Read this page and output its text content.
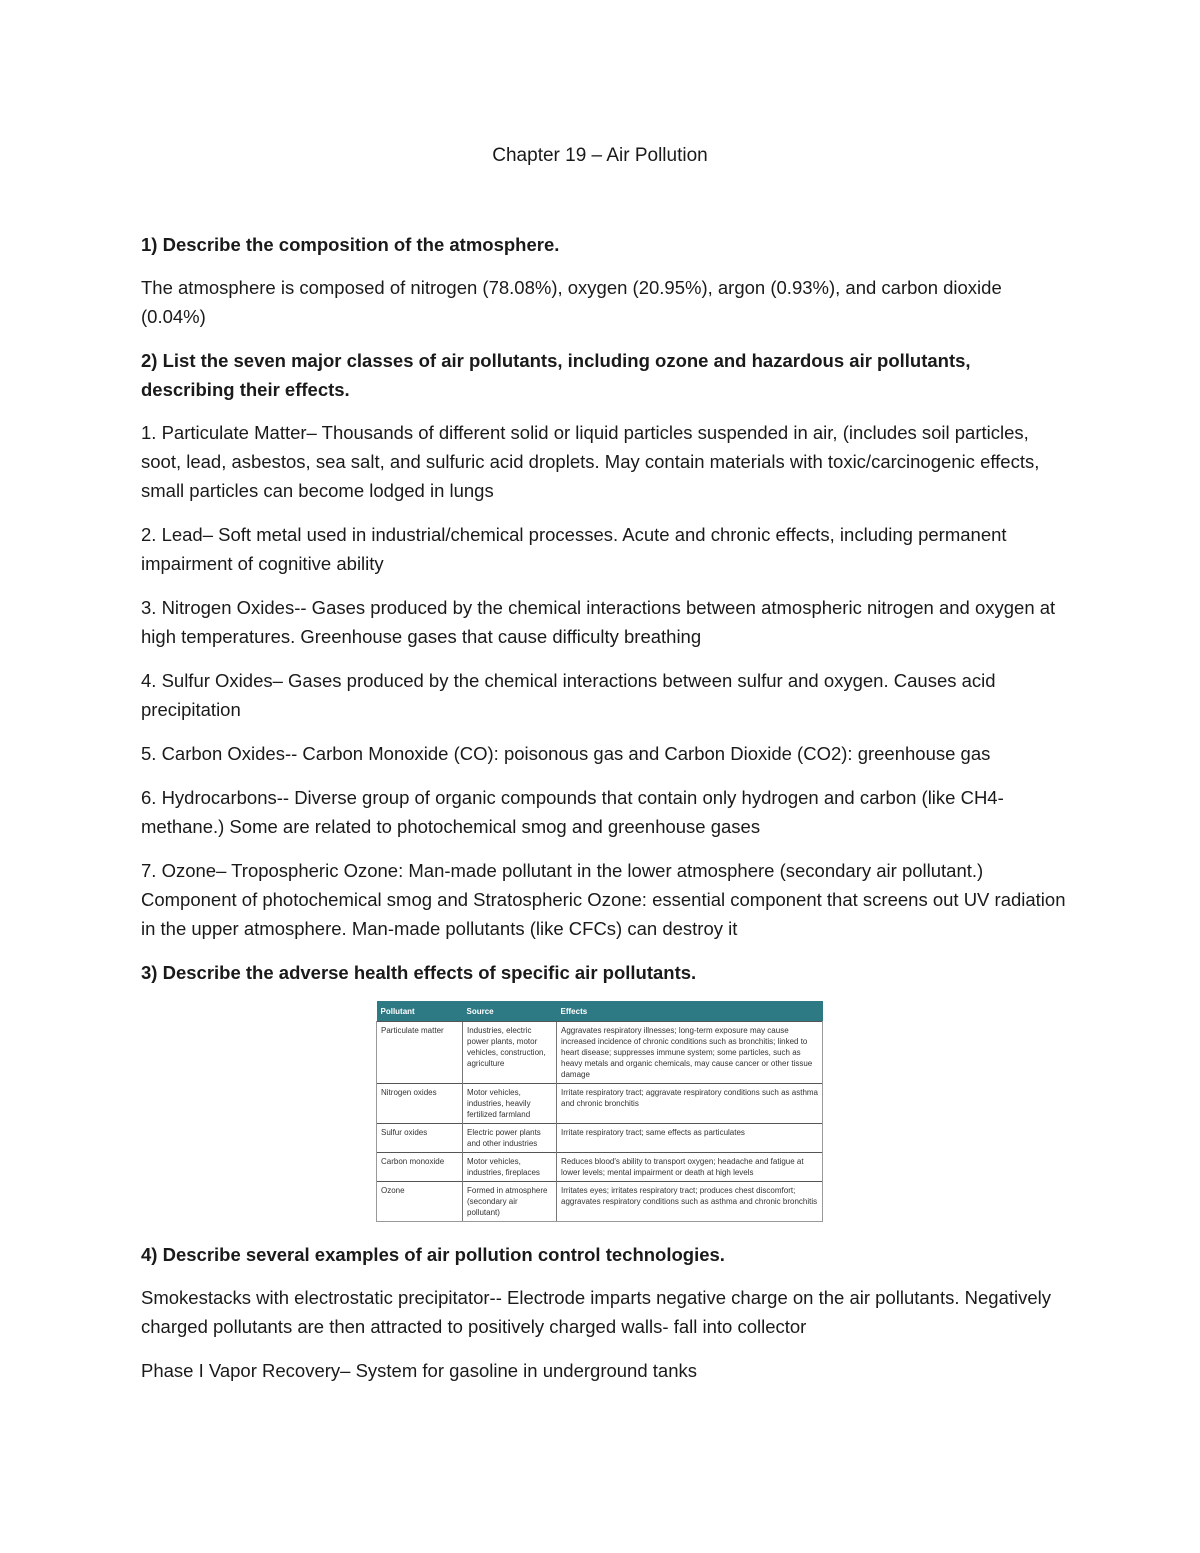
Chapter 19 – Air Pollution

1) Describe the composition of the atmosphere.

The atmosphere is composed of nitrogen (78.08%), oxygen (20.95%), argon (0.93%), and carbon dioxide (0.04%)

2) List the seven major classes of air pollutants, including ozone and hazardous air pollutants, describing their effects.

1. Particulate Matter– Thousands of different solid or liquid particles suspended in air, (includes soil particles, soot, lead, asbestos, sea salt, and sulfuric acid droplets. May contain materials with toxic/carcinogenic effects, small particles can become lodged in lungs

2. Lead– Soft metal used in industrial/chemical processes. Acute and chronic effects, including permanent impairment of cognitive ability

3. Nitrogen Oxides-- Gases produced by the chemical interactions between atmospheric nitrogen and oxygen at high temperatures. Greenhouse gases that cause difficulty breathing

4. Sulfur Oxides– Gases produced by the chemical interactions between sulfur and oxygen. Causes acid precipitation

5. Carbon Oxides-- Carbon Monoxide (CO): poisonous gas and Carbon Dioxide (CO2): greenhouse gas

6. Hydrocarbons-- Diverse group of organic compounds that contain only hydrogen and carbon (like CH4-methane.) Some are related to photochemical smog and greenhouse gases

7. Ozone– Tropospheric Ozone: Man-made pollutant in the lower atmosphere (secondary air pollutant.) Component of photochemical smog and Stratospheric Ozone: essential component that screens out UV radiation in the upper atmosphere. Man-made pollutants (like CFCs) can destroy it

3) Describe the adverse health effects of specific air pollutants.

Pollutant	Source	Effects
Particulate matter	Industries, electric power plants, motor vehicles, construction, agriculture	Aggravates respiratory illnesses; long-term exposure may cause increased incidence of chronic conditions such as bronchitis; linked to heart disease; suppresses immune system; some particles, such as heavy metals and organic chemicals, may cause cancer or other tissue damage
Nitrogen oxides	Motor vehicles, industries, heavily fertilized farmland	Irritate respiratory tract; aggravate respiratory conditions such as asthma and chronic bronchitis
Sulfur oxides	Electric power plants and other industries	Irritate respiratory tract; same effects as particulates
Carbon monoxide	Motor vehicles, industries, fireplaces	Reduces blood's ability to transport oxygen; headache and fatigue at lower levels; mental impairment or death at high levels
Ozone	Formed in atmosphere (secondary air pollutant)	Irritates eyes; irritates respiratory tract; produces chest discomfort; aggravates respiratory conditions such as asthma and chronic bronchitis

4) Describe several examples of air pollution control technologies.

Smokestacks with electrostatic precipitator-- Electrode imparts negative charge on the air pollutants. Negatively charged pollutants are then attracted to positively charged walls- fall into collector

Phase I Vapor Recovery– System for gasoline in underground tanks
